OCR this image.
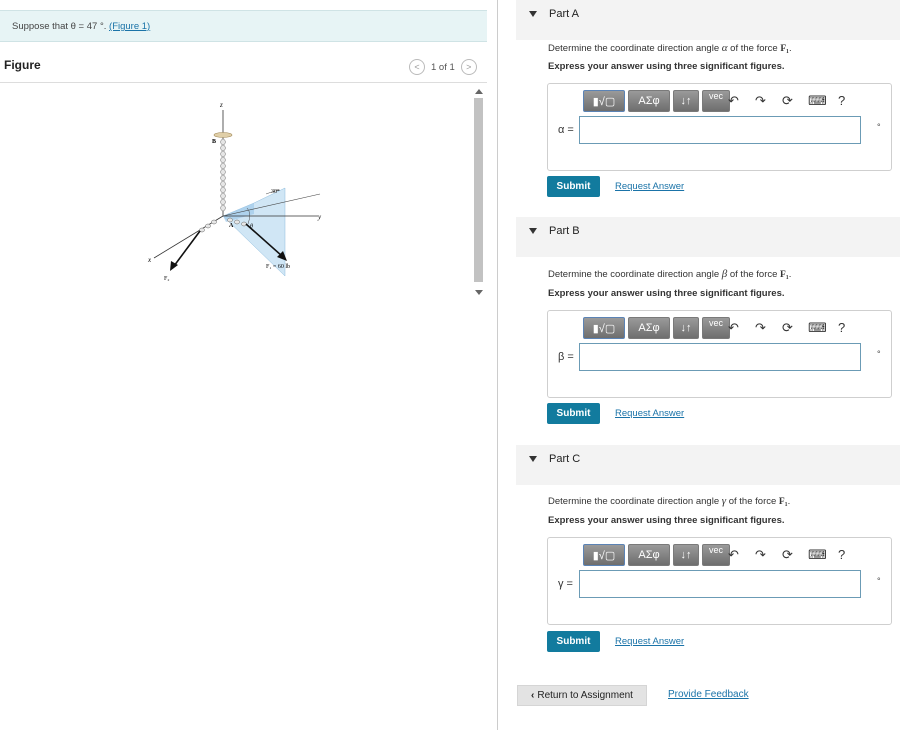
Suppose that θ = 47 °. (Figure 1)
Figure	<	1 of 1	>
z
B
y
30°
θ
x
A
F₂
F₁ = 60 lb
Part A
Determine the coordinate direction angle α of the force F₁.
Express your answer using three significant figures.
▮√▢	ΑΣφ	↓↑	vec ↶ ↷ ⟳ ⌨ ?
α =	°
Submit	Request Answer
Part B
Determine the coordinate direction angle β of the force F₁.
Express your answer using three significant figures.
▮√▢	ΑΣφ	↓↑	vec ↶ ↷ ⟳ ⌨ ?
β =	°
Submit	Request Answer
Part C
Determine the coordinate direction angle γ of the force F₁.
Express your answer using three significant figures.
▮√▢	ΑΣφ	↓↑	vec ↶ ↷ ⟳ ⌨ ?
γ =	°
Submit	Request Answer
‹ Return to Assignment	Provide Feedback
